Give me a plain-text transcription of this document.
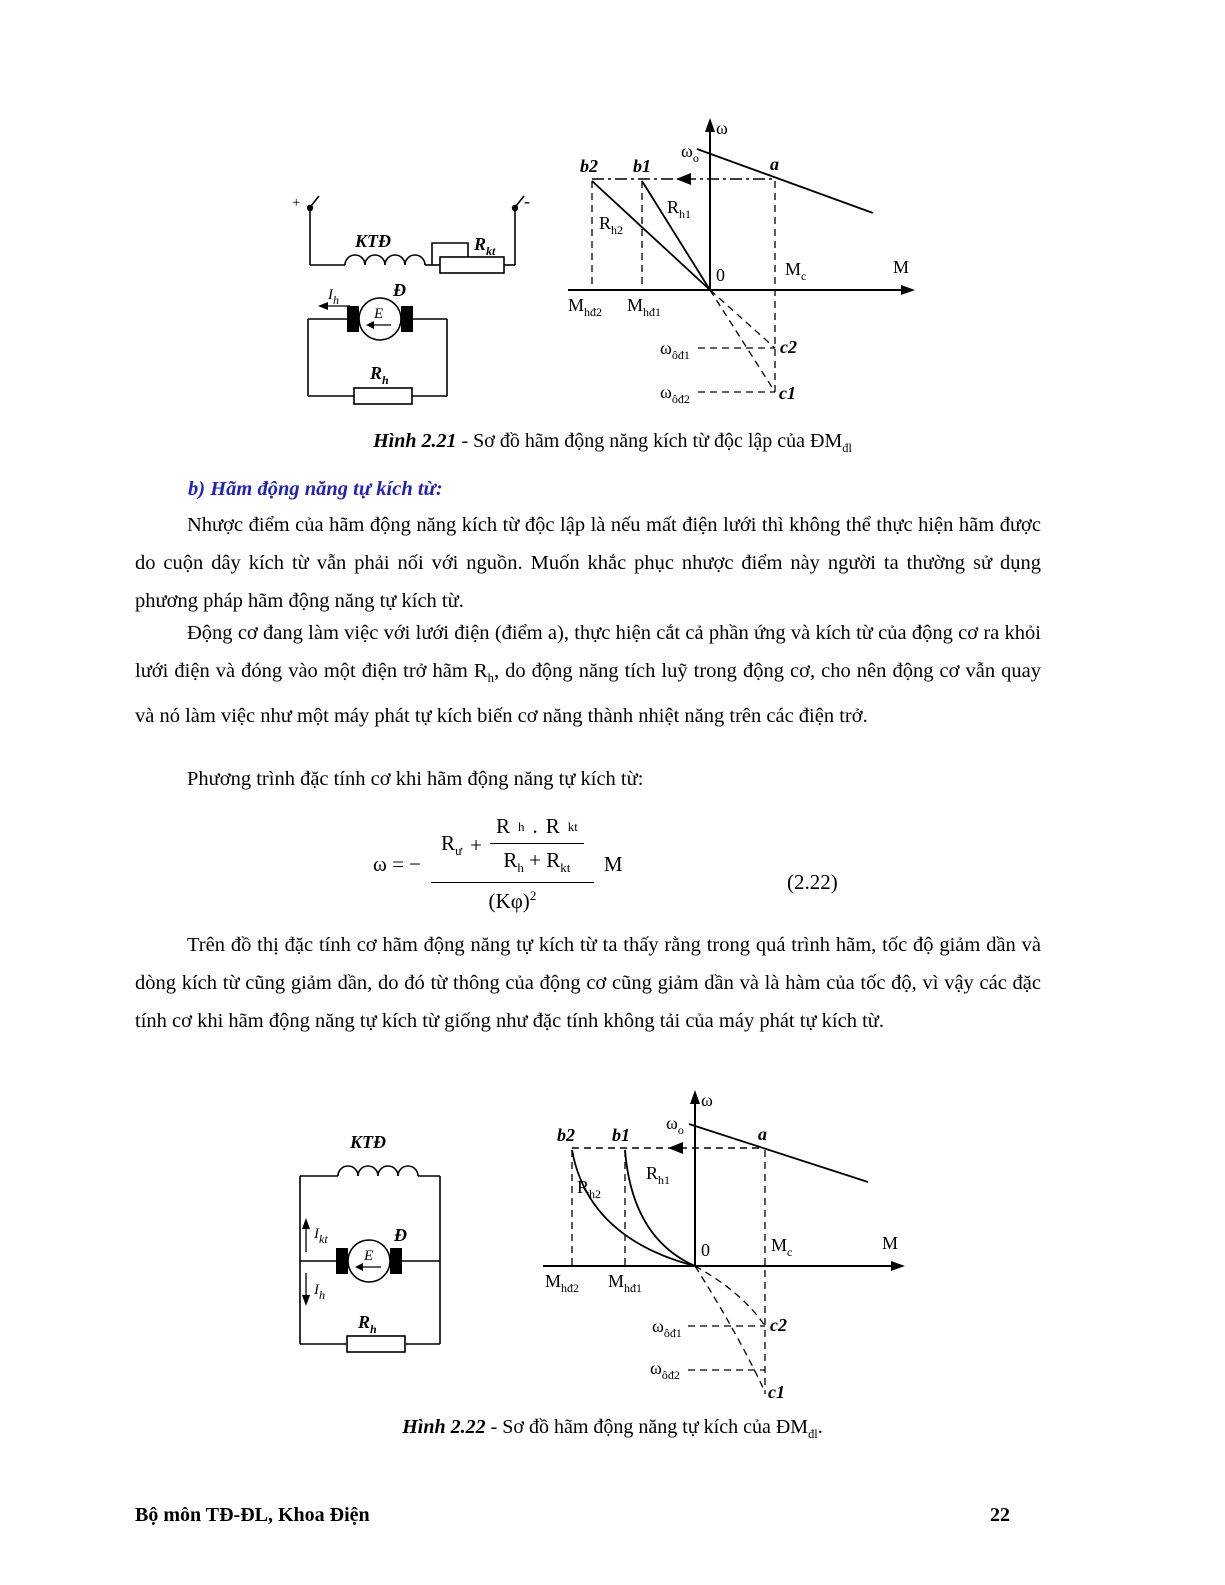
+	-
KTĐ	$R_{kt}$
$I_h$	Đ
E
$R_h$
ω
$\omega_o$
b2 b1	a
$R_{h2}$
$R_{h1}$
0	$M_c$	M
$M_{hđ2}$ $M_{hđ1}$
$\omega_{ôđ1}$
$\omega_{ôđ2}$
c2
c1
Hình 2.21 - Sơ đồ hãm động năng kích từ độc lập của $ĐM_{đl}$
b) Hãm động năng tự kích từ:

Nhược điểm của hãm động năng kích từ độc lập là nếu mất điện lưới thì không thể thực hiện hãm được do cuộn dây kích từ vẫn phải nối với nguồn. Muốn khắc phục nhược điểm này người ta thường sử dụng phương pháp hãm động năng tự kích từ.

Động cơ đang làm việc với lưới điện (điểm a), thực hiện cắt cả phần ứng và kích từ của động cơ ra khỏi lưới điện và đóng vào một điện trở hãm $R_h$, do động năng tích luỹ trong động cơ, cho nên động cơ vẫn quay và nó làm việc như một máy phát tự kích biến cơ năng thành nhiệt năng trên các điện trở.

Phương trình đặc tính cơ khi hãm động năng tự kích từ:

ω = − $\frac{R_ư + \frac{\text{R h . R kt}}{R_h + R_{kt}}}{(K\varphi)^2}$ M
(2.22)

Trên đồ thị đặc tính cơ hãm động năng tự kích từ ta thấy rằng trong quá trình hãm, tốc độ giảm dần và dòng kích từ cũng giảm dần, do đó từ thông của động cơ cũng giảm dần và là hàm của tốc độ, vì vậy các đặc tính cơ khi hãm động năng tự kích từ giống như đặc tính không tải của máy phát tự kích từ.

KTĐ
$I_{kt}$
$I_h$
Đ
E
$R_h$
ω
$\omega_o$
b2 b1	a
$R_{h2}$
$R_{h1}$
0	$M_c$	M
$M_{hđ2}$ $M_{hđ1}$
$\omega_{ôđ1}$
$\omega_{ôđ2}$
c2
c1
Hình 2.22 - Sơ đồ hãm động năng tự kích của $ĐM_{đl}$.
Bộ môn TĐ-ĐL, Khoa Điện	22
